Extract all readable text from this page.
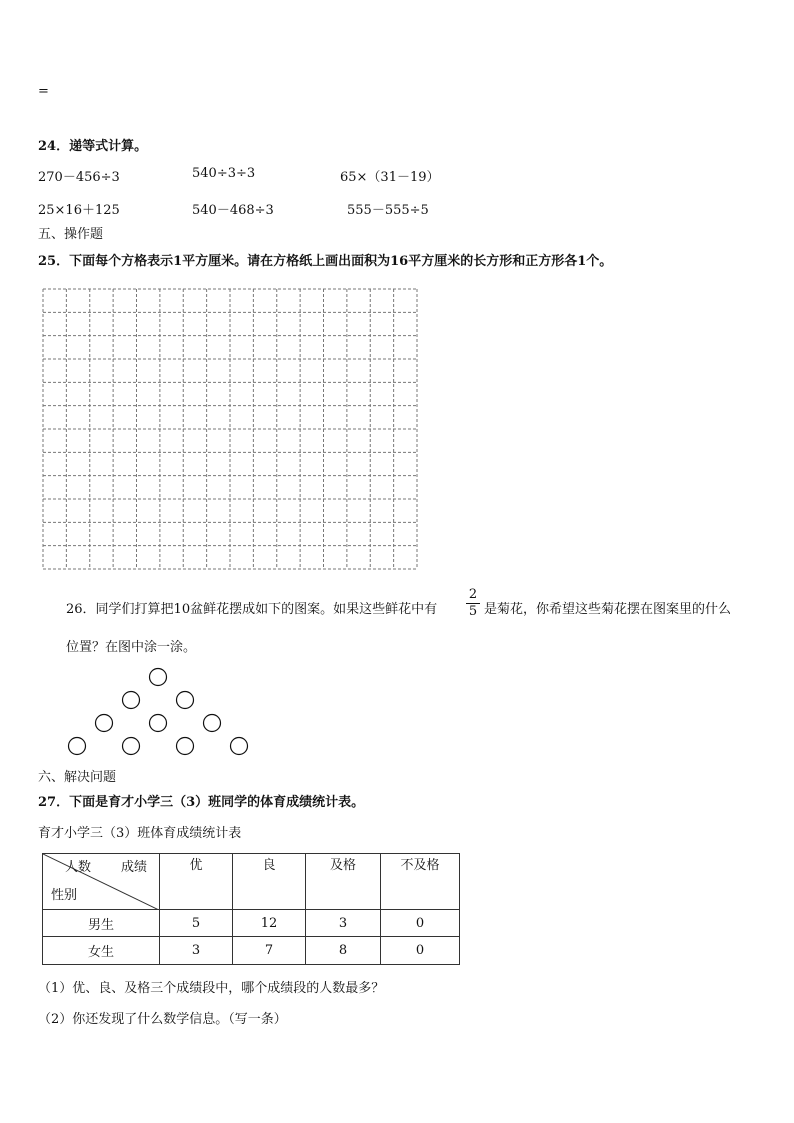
=
24．递等式计算。
270－456÷3	540÷3÷3	65×（31－19）
25×16＋125	540－468÷3	555－555÷5
五、操作题
25．下面每个方格表示1平方厘米。请在方格纸上画出面积为16平方厘米的长方形和正方形各1个。
26．同学们打算把10盆鲜花摆成如下的图案。如果这些鲜花中有
2
5 是菊花，你希望这些菊花摆在图案里的什么
位置？在图中涂一涂。
六、解决问题
27．下面是育才小学三（3）班同学的体育成绩统计表。
育才小学三（3）班体育成绩统计表
人数 成绩
性别	优	良	及格	不及格
男生	5	12	3	0
女生	3	7	8	0
（1）优、良、及格三个成绩段中，哪个成绩段的人数最多？
（2）你还发现了什么数学信息。（写一条）
